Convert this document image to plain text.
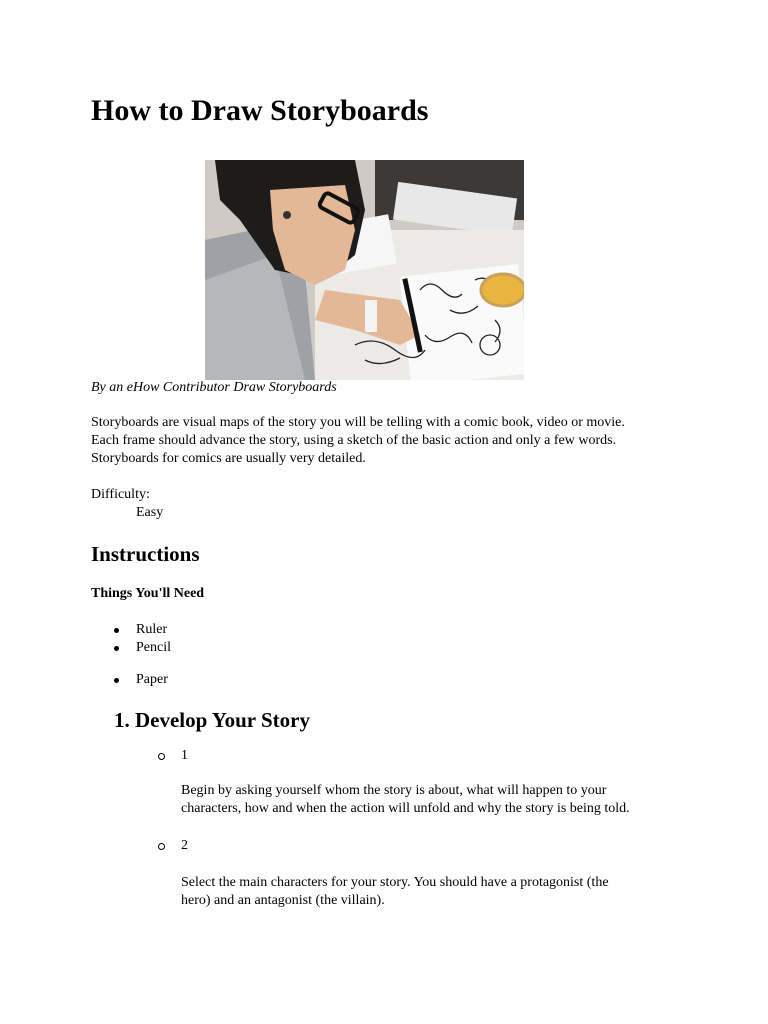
How to Draw Storyboards
By an eHow Contributor Draw Storyboards
Storyboards are visual maps of the story you will be telling with a comic book, video or movie.
Each frame should advance the story, using a sketch of the basic action and only a few words.
Storyboards for comics are usually very detailed.
Difficulty:
Easy
Instructions
Things You'll Need
Ruler
Pencil
Paper
1. Develop Your Story
1
Begin by asking yourself whom the story is about, what will happen to your
characters, how and when the action will unfold and why the story is being told.
2
Select the main characters for your story. You should have a protagonist (the
hero) and an antagonist (the villain).
